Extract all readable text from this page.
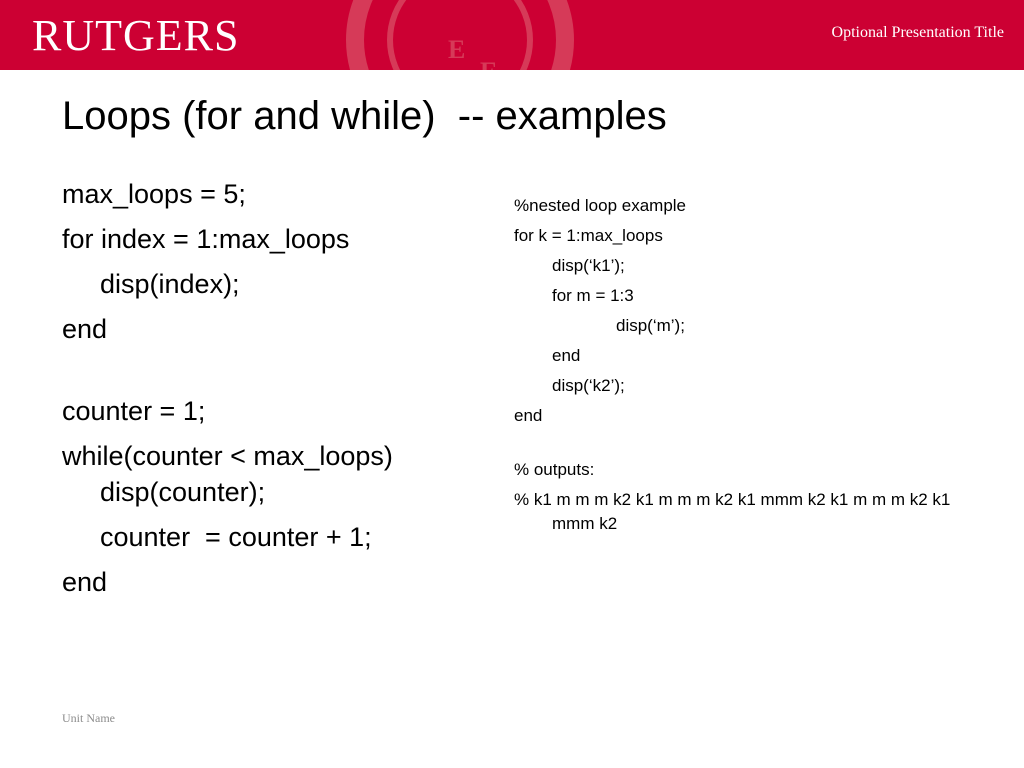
E
E
RUTGERS	Optional Presentation Title
Loops (for and while)  -- examples
max_loops = 5;
for index = 1:max_loops
disp(index);
end
counter = 1;
while(counter < max_loops)
disp(counter);
counter  = counter + 1;
end
%nested loop example
for k = 1:max_loops
disp(‘k1’);
for m = 1:3
disp(‘m’);
end
disp(‘k2’);
end
% outputs:
% k1 m m m k2 k1 m m m k2 k1 mmm k2 k1 m m m k2 k1 mmm k2
Unit Name
